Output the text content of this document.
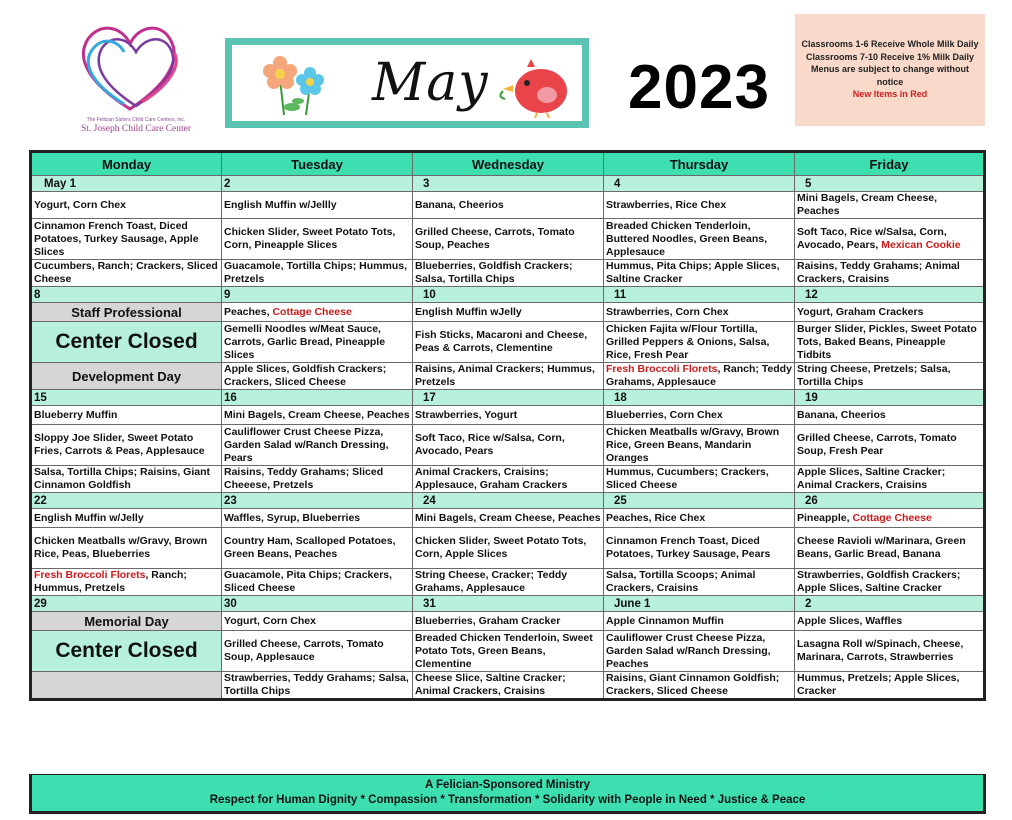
The Felician Sisters Child Care Centers, Inc.
St. Joseph Child Care Center
May 2023
Classrooms 1-6 Receive Whole Milk Daily
Classrooms 7-10 Receive 1% Milk Daily
Menus are subject to change without notice
New Items in Red
Monday	Tuesday	Wednesday	Thursday	Friday
May 1	2	3	4	5
Yogurt, Corn Chex	English Muffin w/Jellly	Banana, Cheerios	Strawberries, Rice Chex	Mini Bagels, Cream Cheese, Peaches
Cinnamon French Toast, Diced Potatoes, Turkey Sausage, Apple Slices	Chicken Slider, Sweet Potato Tots, Corn, Pineapple Slices	Grilled Cheese, Carrots, Tomato Soup, Peaches	Breaded Chicken Tenderloin, Buttered Noodles, Green Beans, Applesauce	Soft Taco, Rice w/Salsa, Corn, Avocado, Pears, Mexican Cookie
Cucumbers, Ranch; Crackers, Sliced Cheese	Guacamole, Tortilla Chips; Hummus, Pretzels	Blueberries, Goldfish Crackers; Salsa, Tortilla Chips	Hummus, Pita Chips; Apple Slices, Saltine Cracker	Raisins, Teddy Grahams; Animal Crackers, Craisins
8	9	10	11	12
Staff Professional	Peaches, Cottage Cheese	English Muffin wJelly	Strawberries, Corn Chex	Yogurt, Graham Crackers
Center Closed	Gemelli Noodles w/Meat Sauce, Carrots, Garlic Bread, Pineapple Slices	Fish Sticks, Macaroni and Cheese, Peas & Carrots, Clementine	Chicken Fajita w/Flour Tortilla, Grilled Peppers & Onions, Salsa, Rice, Fresh Pear	Burger Slider, Pickles, Sweet Potato Tots, Baked Beans, Pineapple Tidbits
Development Day	Apple Slices, Goldfish Crackers; Crackers, Sliced Cheese	Raisins, Animal Crackers; Hummus, Pretzels	Fresh Broccoli Florets, Ranch; Teddy Grahams, Applesauce	String Cheese, Pretzels; Salsa, Tortilla Chips
15	16	17	18	19
Blueberry Muffin	Mini Bagels, Cream Cheese, Peaches	Strawberries, Yogurt	Blueberries, Corn Chex	Banana, Cheerios
Sloppy Joe Slider, Sweet Potato Fries, Carrots & Peas, Applesauce	Cauliflower Crust Cheese Pizza, Garden Salad w/Ranch Dressing, Pears	Soft Taco, Rice w/Salsa, Corn, Avocado, Pears	Chicken Meatballs w/Gravy, Brown Rice, Green Beans, Mandarin Oranges	Grilled Cheese, Carrots, Tomato Soup, Fresh Pear
Salsa, Tortilla Chips; Raisins, Giant Cinnamon Goldfish	Raisins, Teddy Grahams; Sliced Cheeese, Pretzels	Animal Crackers, Craisins; Applesauce, Graham Crackers	Hummus, Cucumbers; Crackers, Sliced Cheese	Apple Slices, Saltine Cracker; Animal Crackers, Craisins
22	23	24	25	26
English Muffin w/Jelly	Waffles, Syrup, Blueberries	Mini Bagels, Cream Cheese, Peaches	Peaches, Rice Chex	Pineapple, Cottage Cheese
Chicken Meatballs w/Gravy, Brown Rice, Peas, Blueberries	Country Ham, Scalloped Potatoes, Green Beans, Peaches	Chicken Slider, Sweet Potato Tots, Corn, Apple Slices	Cinnamon French Toast, Diced Potatoes, Turkey Sausage, Pears	Cheese Ravioli w/Marinara, Green Beans, Garlic Bread, Banana
Fresh Broccoli Florets, Ranch; Hummus, Pretzels	Guacamole, Pita Chips; Crackers, Sliced Cheese	String Cheese, Cracker; Teddy Grahams, Applesauce	Salsa, Tortilla Scoops; Animal Crackers, Craisins	Strawberries, Goldfish Crackers; Apple Slices, Saltine Cracker
29	30	31	June 1	2
Memorial Day	Yogurt, Corn Chex	Blueberries, Graham Cracker	Apple Cinnamon Muffin	Apple Slices, Waffles
Center Closed	Grilled Cheese, Carrots, Tomato Soup, Applesauce	Breaded Chicken Tenderloin, Sweet Potato Tots, Green Beans, Clementine	Cauliflower Crust Cheese Pizza, Garden Salad w/Ranch Dressing, Peaches	Lasagna Roll w/Spinach, Cheese, Marinara, Carrots, Strawberries
	Strawberries, Teddy Grahams; Salsa, Tortilla Chips	Cheese Slice, Saltine Cracker; Animal Crackers, Craisins	Raisins, Giant Cinnamon Goldfish; Crackers, Sliced Cheese	Hummus, Pretzels; Apple Slices, Cracker
A Felician-Sponsored Ministry
Respect for Human Dignity * Compassion * Transformation * Solidarity with People in Need * Justice & Peace
